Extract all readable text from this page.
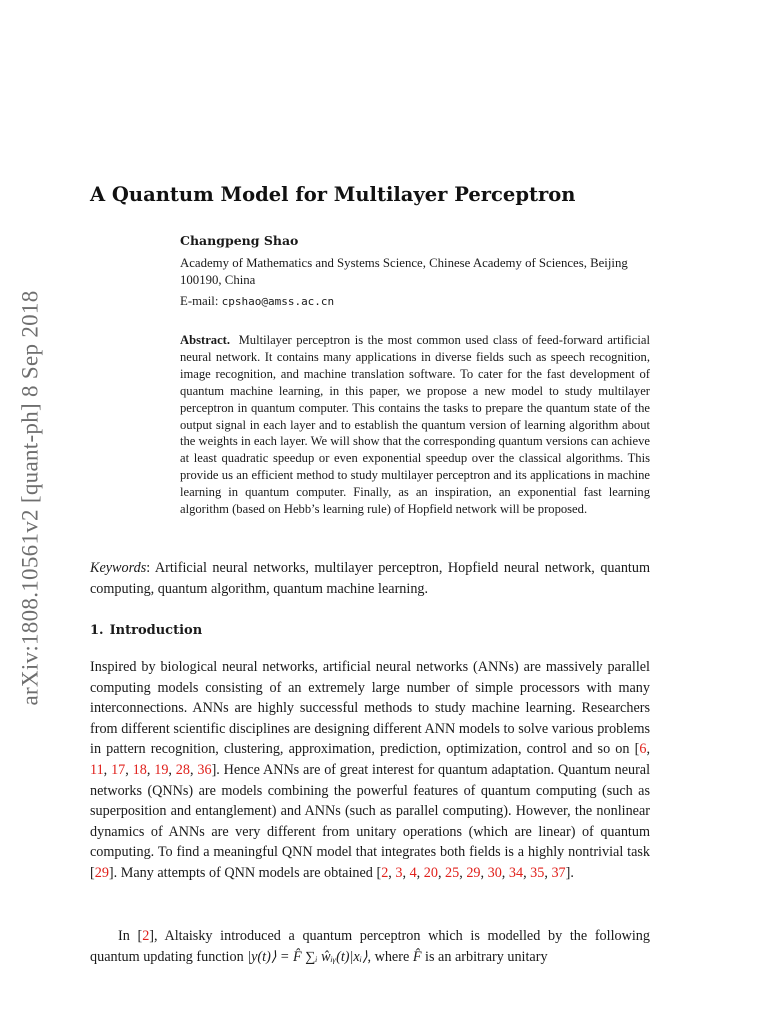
arXiv:1808.10561v2 [quant-ph] 8 Sep 2018
A Quantum Model for Multilayer Perceptron
Changpeng Shao
Academy of Mathematics and Systems Science, Chinese Academy of Sciences, Beijing 100190, China
E-mail: cpshao@amss.ac.cn
Abstract. Multilayer perceptron is the most common used class of feed-forward artificial neural network. It contains many applications in diverse fields such as speech recognition, image recognition, and machine translation software. To cater for the fast development of quantum machine learning, in this paper, we propose a new model to study multilayer perceptron in quantum computer. This contains the tasks to prepare the quantum state of the output signal in each layer and to establish the quantum version of learning algorithm about the weights in each layer. We will show that the corresponding quantum versions can achieve at least quadratic speedup or even exponential speedup over the classical algorithms. This provide us an efficient method to study multilayer perceptron and its applications in machine learning in quantum computer. Finally, as an inspiration, an exponential fast learning algorithm (based on Hebb’s learning rule) of Hopfield network will be proposed.
Keywords: Artificial neural networks, multilayer perceptron, Hopfield neural network, quantum computing, quantum algorithm, quantum machine learning.
1. Introduction
Inspired by biological neural networks, artificial neural networks (ANNs) are massively parallel computing models consisting of an extremely large number of simple processors with many interconnections. ANNs are highly successful methods to study machine learning. Researchers from different scientific disciplines are designing different ANN models to solve various problems in pattern recognition, clustering, approximation, prediction, optimization, control and so on [6, 11, 17, 18, 19, 28, 36]. Hence ANNs are of great interest for quantum adaptation. Quantum neural networks (QNNs) are models combining the powerful features of quantum computing (such as superposition and entanglement) and ANNs (such as parallel computing). However, the nonlinear dynamics of ANNs are very different from unitary operations (which are linear) of quantum computing. To find a meaningful QNN model that integrates both fields is a highly nontrivial task [29]. Many attempts of QNN models are obtained [2, 3, 4, 20, 25, 29, 30, 34, 35, 37].
In [2], Altaisky introduced a quantum perceptron which is modelled by the following quantum updating function |y(t)⟩ = F̂ ∑ᵢ ŵᵢᵧ(t)|xᵢ⟩, where F̂ is an arbitrary unitary
